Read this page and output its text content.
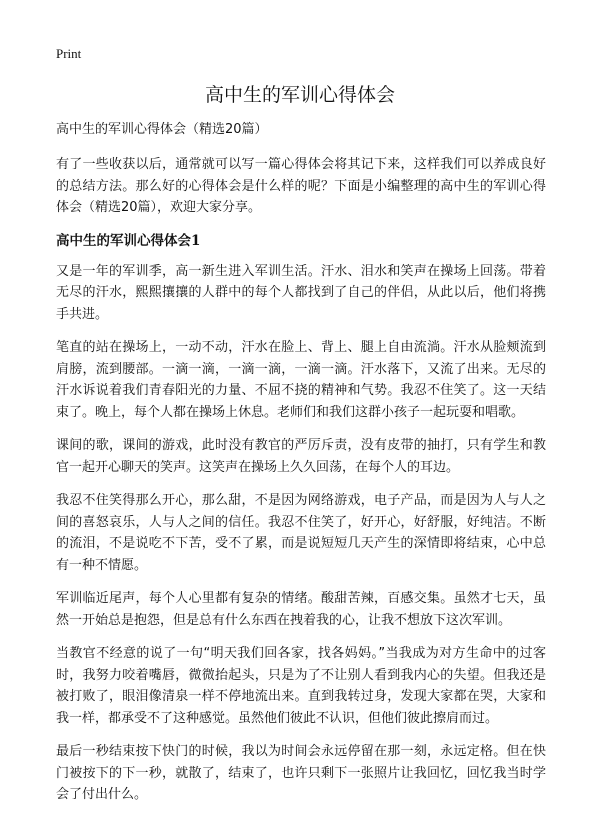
Print
高中生的军训心得体会
高中生的军训心得体会（精选20篇）

有了一些收获以后，通常就可以写一篇心得体会将其记下来，这样我们可以养成良好的总结方法。那么好的心得体会是什么样的呢？下面是小编整理的高中生的军训心得体会（精选20篇），欢迎大家分享。

高中生的军训心得体会1

又是一年的军训季，高一新生进入军训生活。汗水、泪水和笑声在操场上回荡。带着无尽的汗水，熙熙攘攘的人群中的每个人都找到了自己的伴侣，从此以后，他们将携手共进。

笔直的站在操场上，一动不动，汗水在脸上、背上、腿上自由流淌。汗水从脸颊流到肩膀，流到腰部。一滴一滴，一滴一滴，一滴一滴。汗水落下，又流了出来。无尽的汗水诉说着我们青春阳光的力量、不屈不挠的精神和气势。我忍不住笑了。这一天结束了。晚上，每个人都在操场上休息。老师们和我们这群小孩子一起玩耍和唱歌。

课间的歌，课间的游戏，此时没有教官的严厉斥责，没有皮带的抽打，只有学生和教官一起开心聊天的笑声。这笑声在操场上久久回荡，在每个人的耳边。

我忍不住笑得那么开心，那么甜，不是因为网络游戏，电子产品，而是因为人与人之间的喜怒哀乐，人与人之间的信任。我忍不住笑了，好开心，好舒服，好纯洁。不断的流泪，不是说吃不下苦，受不了累，而是说短短几天产生的深情即将结束，心中总有一种不情愿。

军训临近尾声，每个人心里都有复杂的情绪。酸甜苦辣，百感交集。虽然才七天，虽然一开始总是抱怨，但是总有什么东西在拽着我的心，让我不想放下这次军训。

当教官不经意的说了一句“明天我们回各家，找各妈妈。”当我成为对方生命中的过客时，我努力咬着嘴唇，微微抬起头，只是为了不让别人看到我内心的失望。但我还是被打败了，眼泪像清泉一样不停地流出来。直到我转过身，发现大家都在哭，大家和我一样，都承受不了这种感觉。虽然他们彼此不认识，但他们彼此擦肩而过。

最后一秒结束按下快门的时候，我以为时间会永远停留在那一刻，永远定格。但在快门被按下的下一秒，就散了，结束了，也许只剩下一张照片让我回忆，回忆我当时学会了付出什么。
